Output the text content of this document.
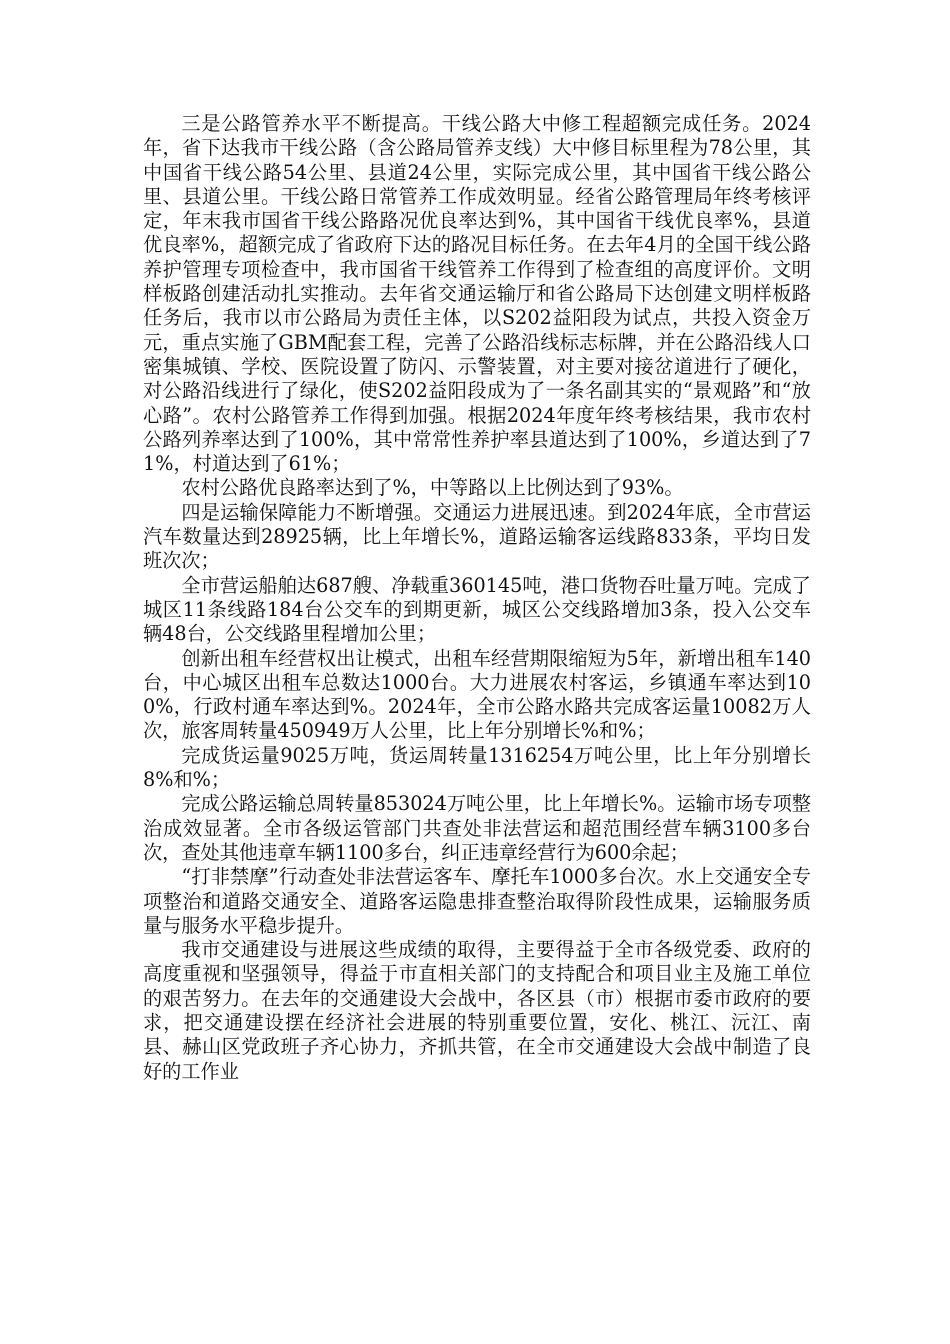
三是公路管养水平不断提高。干线公路大中修工程超额完成任务。2024年，省下达我市干线公路（含公路局管养支线）大中修目标里程为78公里，其中国省干线公路54公里、县道24公里，实际完成公里，其中国省干线公路公里、县道公里。干线公路日常管养工作成效明显。经省公路管理局年终考核评定，年末我市国省干线公路路况优良率达到%，其中国省干线优良率%，县道优良率%，超额完成了省政府下达的路况目标任务。在去年4月的全国干线公路养护管理专项检查中，我市国省干线管养工作得到了检查组的高度评价。文明样板路创建活动扎实推动。去年省交通运输厅和省公路局下达创建文明样板路任务后，我市以市公路局为责任主体，以S202益阳段为试点，共投入资金万元，重点实施了GBM配套工程，完善了公路沿线标志标牌，并在公路沿线人口密集城镇、学校、医院设置了防闪、示警装置，对主要对接岔道进行了硬化，对公路沿线进行了绿化，使S202益阳段成为了一条名副其实的“景观路”和“放心路”。农村公路管养工作得到加强。根据2024年度年终考核结果，我市农村公路列养率达到了100%，其中常常性养护率县道达到了100%，乡道达到了71%，村道达到了61%；

农村公路优良路率达到了%，中等路以上比例达到了93%。

四是运输保障能力不断增强。交通运力进展迅速。到2024年底，全市营运汽车数量达到28925辆，比上年增长%，道路运输客运线路833条，平均日发班次次；

全市营运船舶达687艘、净载重360145吨，港口货物吞吐量万吨。完成了城区11条线路184台公交车的到期更新，城区公交线路增加3条，投入公交车辆48台，公交线路里程增加公里；

创新出租车经营权出让模式，出租车经营期限缩短为5年，新增出租车140台，中心城区出租车总数达1000台。大力进展农村客运，乡镇通车率达到100%，行政村通车率达到%。2024年，全市公路水路共完成客运量10082万人次，旅客周转量450949万人公里，比上年分别增长%和%；

完成货运量9025万吨，货运周转量1316254万吨公里，比上年分别增长8%和%；

完成公路运输总周转量853024万吨公里，比上年增长%。运输市场专项整治成效显著。全市各级运管部门共查处非法营运和超范围经营车辆3100多台次，查处其他违章车辆1100多台，纠正违章经营行为600余起；

“打非禁摩”行动查处非法营运客车、摩托车1000多台次。水上交通安全专项整治和道路交通安全、道路客运隐患排查整治取得阶段性成果，运输服务质量与服务水平稳步提升。

我市交通建设与进展这些成绩的取得，主要得益于全市各级党委、政府的高度重视和坚强领导，得益于市直相关部门的支持配合和项目业主及施工单位的艰苦努力。在去年的交通建设大会战中，各区县（市）根据市委市政府的要求，把交通建设摆在经济社会进展的特别重要位置，安化、桃江、沅江、南县、赫山区党政班子齐心协力，齐抓共管，在全市交通建设大会战中制造了良好的工作业
